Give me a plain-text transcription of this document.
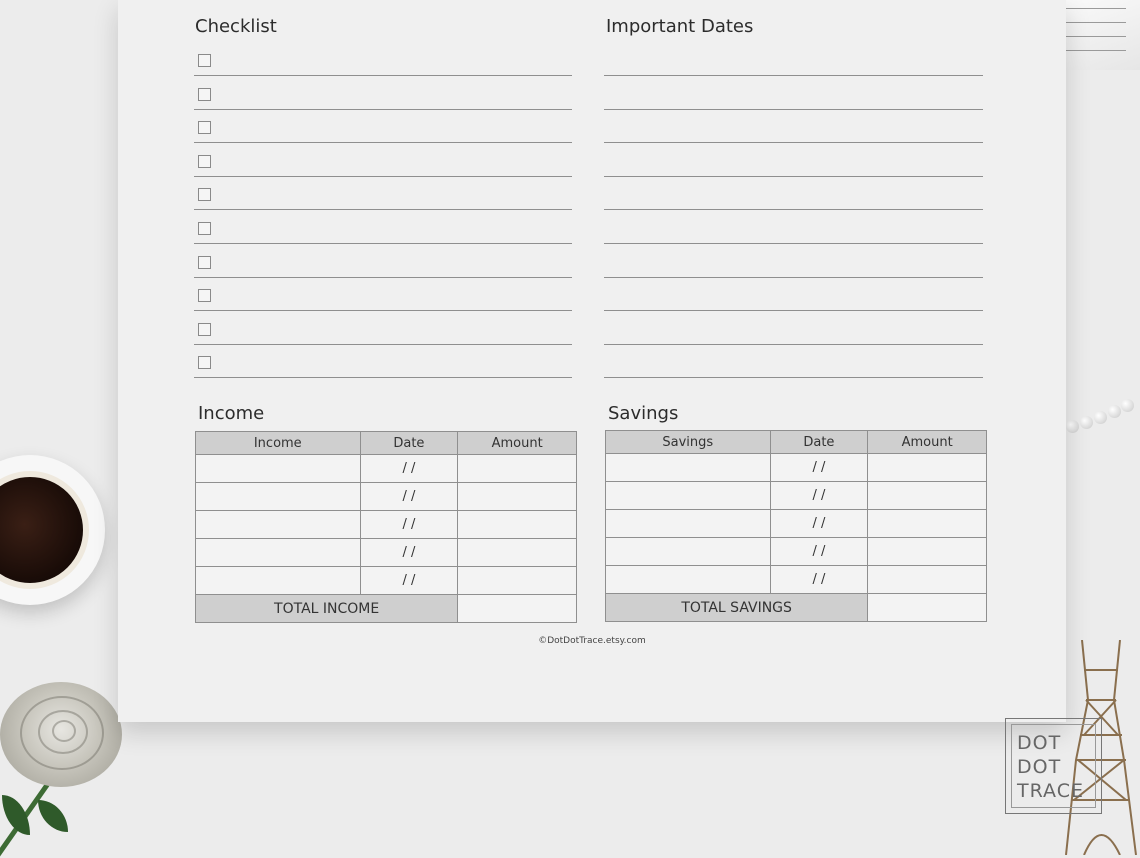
Checklist	Important Dates
Income	Savings
Income	Date	Amount
	/ /	
	/ /	
	/ /	
	/ /	
	/ /	
TOTAL INCOME		
Savings	Date	Amount
	/ /	
	/ /	
	/ /	
	/ /	
	/ /	
TOTAL SAVINGS		
©DotDotTrace.etsy.com
DOT
DOT
TRACE
